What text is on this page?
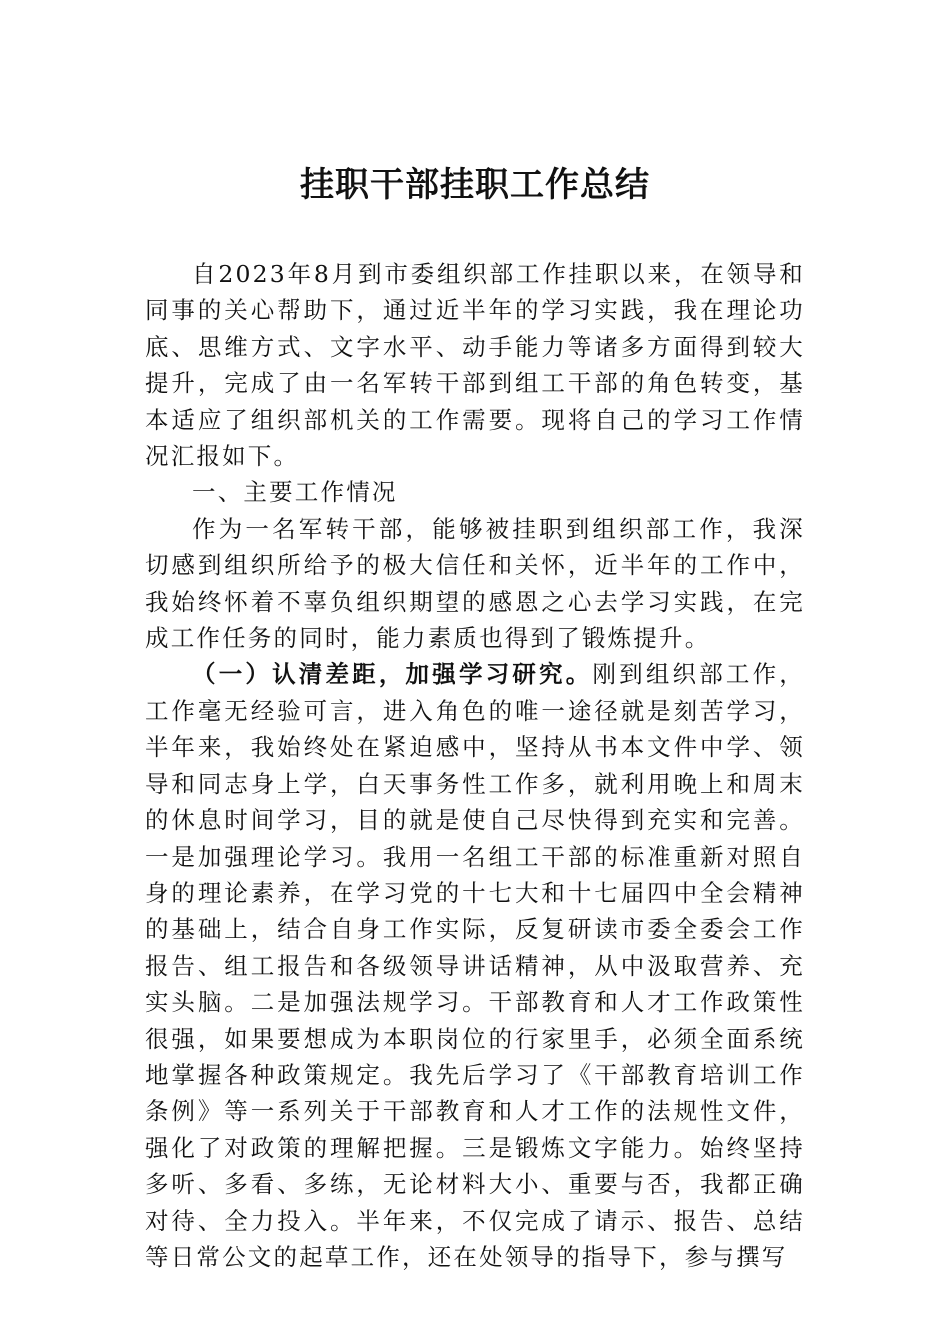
挂职干部挂职工作总结

自2023年8月到市委组织部工作挂职以来，在领导和同事的关心帮助下，通过近半年的学习实践，我在理论功底、思维方式、文字水平、动手能力等诸多方面得到较大提升，完成了由一名军转干部到组工干部的角色转变，基本适应了组织部机关的工作需要。现将自己的学习工作情况汇报如下。

一、主要工作情况

作为一名军转干部，能够被挂职到组织部工作，我深切感到组织所给予的极大信任和关怀，近半年的工作中，我始终怀着不辜负组织期望的感恩之心去学习实践，在完成工作任务的同时，能力素质也得到了锻炼提升。

（一）认清差距，加强学习研究。刚到组织部工作，工作毫无经验可言，进入角色的唯一途径就是刻苦学习，半年来，我始终处在紧迫感中，坚持从书本文件中学、领导和同志身上学，白天事务性工作多，就利用晚上和周末的休息时间学习，目的就是使自己尽快得到充实和完善。一是加强理论学习。我用一名组工干部的标准重新对照自身的理论素养，在学习党的十七大和十七届四中全会精神的基础上，结合自身工作实际，反复研读市委全委会工作报告、组工报告和各级领导讲话精神，从中汲取营养、充实头脑。二是加强法规学习。干部教育和人才工作政策性很强，如果要想成为本职岗位的行家里手，必须全面系统地掌握各种政策规定。我先后学习了《干部教育培训工作条例》等一系列关于干部教育和人才工作的法规性文件，强化了对政策的理解把握。三是锻炼文字能力。始终坚持多听、多看、多练，无论材料大小、重要与否，我都正确对待、全力投入。半年来，不仅完成了请示、报告、总结等日常公文的起草工作，还在处领导的指导下，参与撰写
